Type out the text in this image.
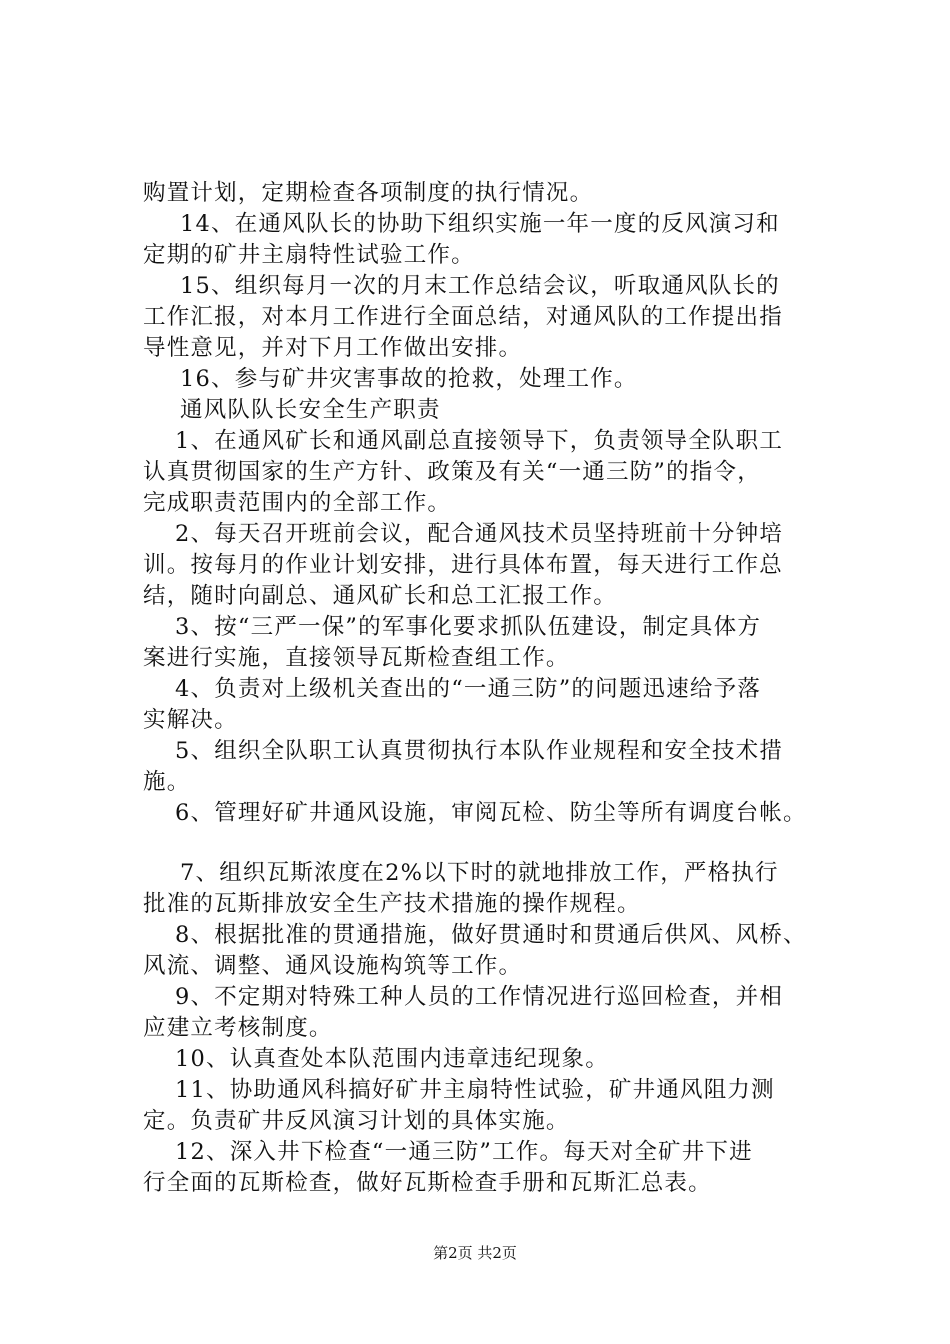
购置计划，定期检查各项制度的执行情况。
14、在通风队长的协助下组织实施一年一度的反风演习和
定期的矿井主扇特性试验工作。
15、组织每月一次的月末工作总结会议，听取通风队长的
工作汇报，对本月工作进行全面总结，对通风队的工作提出指
导性意见，并对下月工作做出安排。
16、参与矿井灾害事故的抢救，处理工作。
通风队队长安全生产职责
1、在通风矿长和通风副总直接领导下，负责领导全队职工
认真贯彻国家的生产方针、政策及有关“一通三防”的指令，
完成职责范围内的全部工作。
2、每天召开班前会议，配合通风技术员坚持班前十分钟培
训。按每月的作业计划安排，进行具体布置，每天进行工作总
结，随时向副总、通风矿长和总工汇报工作。
3、按“三严一保”的军事化要求抓队伍建设，制定具体方
案进行实施，直接领导瓦斯检查组工作。
4、负责对上级机关查出的“一通三防”的问题迅速给予落
实解决。
5、组织全队职工认真贯彻执行本队作业规程和安全技术措
施。
6、管理好矿井通风设施，审阅瓦检、防尘等所有调度台帐。
7、组织瓦斯浓度在2%以下时的就地排放工作，严格执行
批准的瓦斯排放安全生产技术措施的操作规程。
8、根据批准的贯通措施，做好贯通时和贯通后供风、风桥、
风流、调整、通风设施构筑等工作。
9、不定期对特殊工种人员的工作情况进行巡回检查，并相
应建立考核制度。
10、认真查处本队范围内违章违纪现象。
11、协助通风科搞好矿井主扇特性试验，矿井通风阻力测
定。负责矿井反风演习计划的具体实施。
12、深入井下检查“一通三防”工作。每天对全矿井下进
行全面的瓦斯检查，做好瓦斯检查手册和瓦斯汇总表。
第2页 共2页
